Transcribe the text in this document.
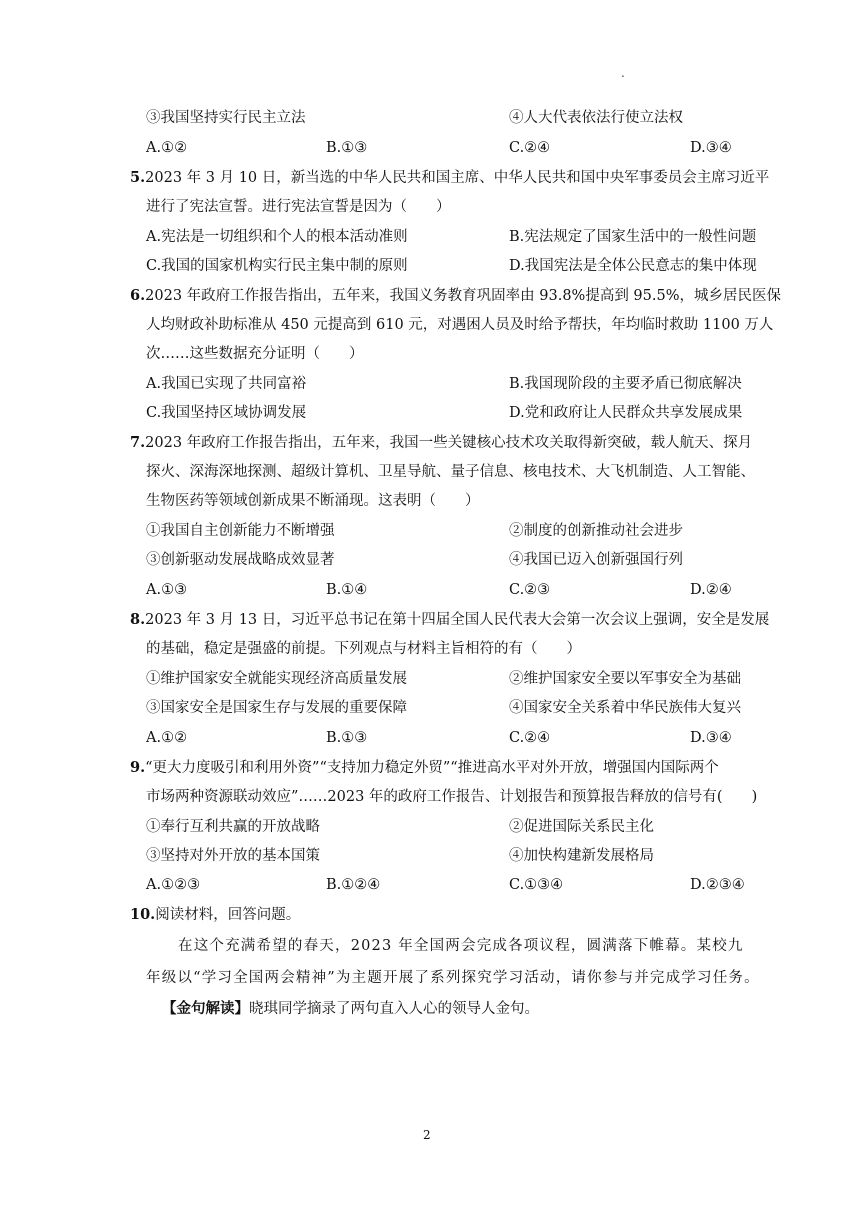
.
③我国坚持实行民主立法	④人大代表依法行使立法权
A.①②	B.①③	C.②④	D.③④
5.2023 年 3 月 10 日，新当选的中华人民共和国主席、中华人民共和国中央军事委员会主席习近平
进行了宪法宣誓。进行宪法宣誓是因为（　　）
A.宪法是一切组织和个人的根本活动准则	B.宪法规定了国家生活中的一般性问题
C.我国的国家机构实行民主集中制的原则	D.我国宪法是全体公民意志的集中体现
6.2023 年政府工作报告指出，五年来，我国义务教育巩固率由 93.8%提高到 95.5%，城乡居民医保
人均财政补助标准从 450 元提高到 610 元，对遇困人员及时给予帮扶，年均临时救助 1100 万人
次……这些数据充分证明（　　）
A.我国已实现了共同富裕	B.我国现阶段的主要矛盾已彻底解决
C.我国坚持区域协调发展	D.党和政府让人民群众共享发展成果
7.2023 年政府工作报告指出，五年来，我国一些关键核心技术攻关取得新突破，载人航天、探月
探火、深海深地探测、超级计算机、卫星导航、量子信息、核电技术、大飞机制造、人工智能、
生物医药等领域创新成果不断涌现。这表明（　　）
①我国自主创新能力不断增强	②制度的创新推动社会进步
③创新驱动发展战略成效显著	④我国已迈入创新强国行列
A.①③	B.①④	C.②③	D.②④
8.2023 年 3 月 13 日，习近平总书记在第十四届全国人民代表大会第一次会议上强调，安全是发展
的基础，稳定是强盛的前提。下列观点与材料主旨相符的有（　　）
①维护国家安全就能实现经济高质量发展	②维护国家安全要以军事安全为基础
③国家安全是国家生存与发展的重要保障	④国家安全关系着中华民族伟大复兴
A.①②	B.①③	C.②④	D.③④
9.“更大力度吸引和利用外资”“支持加力稳定外贸”“推进高水平对外开放，增强国内国际两个
市场两种资源联动效应”……2023 年的政府工作报告、计划报告和预算报告释放的信号有(　　)
①奉行互利共赢的开放战略	②促进国际关系民主化
③坚持对外开放的基本国策	④加快构建新发展格局
A.①②③	B.①②④	C.①③④	D.②③④
10.阅读材料，回答问题。
在这个充满希望的春天，2023 年全国两会完成各项议程，圆满落下帷幕。某校九
年级以“学习全国两会精神”为主题开展了系列探究学习活动，请你参与并完成学习任务。
【金句解读】晓琪同学摘录了两句直入人心的领导人金句。
2
